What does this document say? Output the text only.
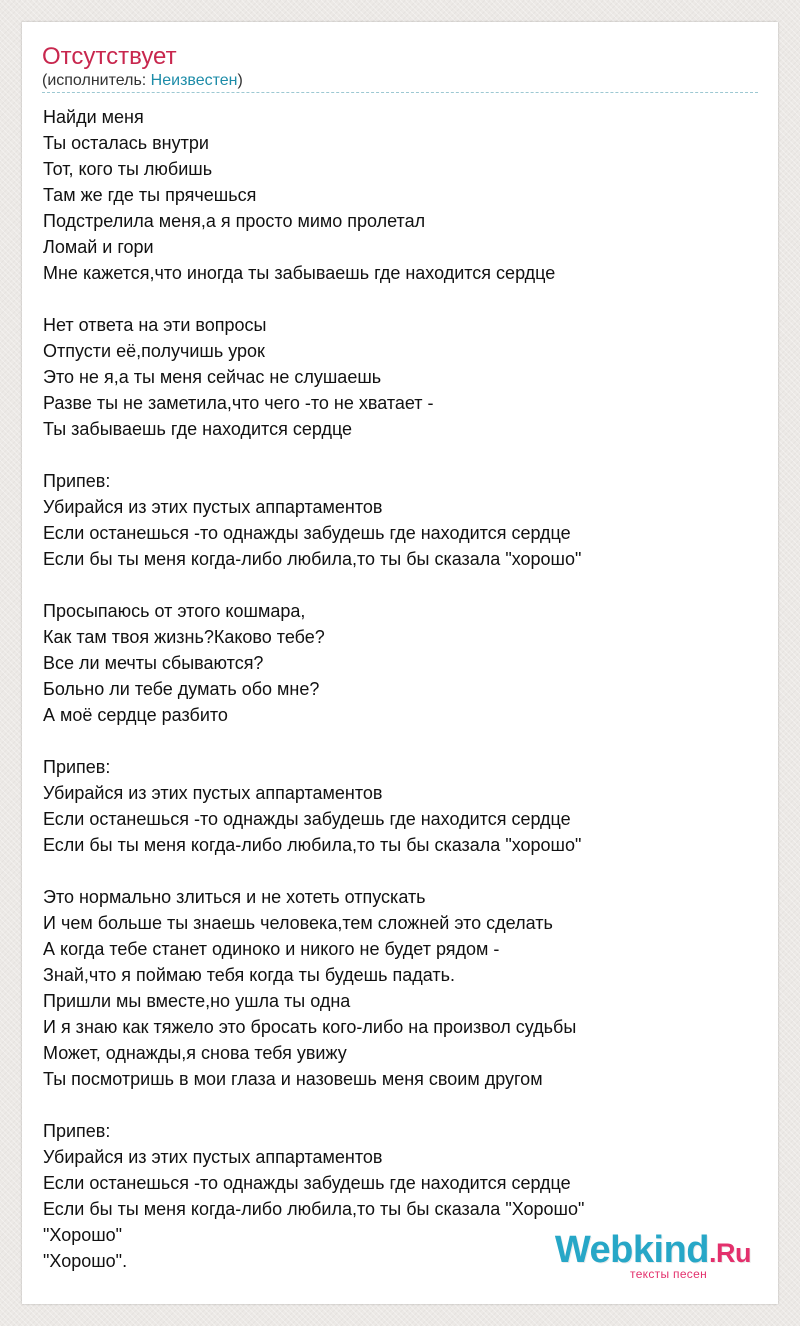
Отсутствует
(исполнитель: Неизвестен)
Найди меня
Ты осталась внутри
Тот, кого ты любишь
Там же где ты прячешься
Подстрелила меня,а я просто мимо пролетал
Ломай и гори
Мне кажется,что иногда ты забываешь где находится сердце
Нет ответа на эти вопросы
Отпусти её,получишь урок
Это не я,а ты меня сейчас не слушаешь
Разве ты не заметила,что чего -то не хватает -
Ты забываешь где находится сердце
Припев:
Убирайся из этих пустых аппартаментов
Если останешься -то однажды забудешь где находится сердце
Если бы ты меня когда-либо любила,то ты бы сказала "хорошо"
Просыпаюсь от этого кошмара,
Как там твоя жизнь?Каково тебе?
Все ли мечты сбываются?
Больно ли тебе думать обо мне?
А моё сердце разбито
Припев:
Убирайся из этих пустых аппартаментов
Если останешься -то однажды забудешь где находится сердце
Если бы ты меня когда-либо любила,то ты бы сказала "хорошо"
Это нормально злиться и не хотеть отпускать
И чем больше ты знаешь человека,тем сложней это сделать
А когда тебе станет одиноко и никого не будет рядом -
Знай,что я поймаю тебя когда ты будешь падать.
Пришли мы вместе,но ушла ты одна
И я знаю как тяжело это бросать кого-либо на произвол судьбы
Может, однажды,я снова тебя увижу
Ты посмотришь в мои глаза и назовешь меня своим другом
Припев:
Убирайся из этих пустых аппартаментов
Если останешься -то однажды забудешь где находится сердце
Если бы ты меня когда-либо любила,то ты бы сказала "Хорошо"
"Хорошо"
"Хорошо".	Webkind.Ru
тексты песен
